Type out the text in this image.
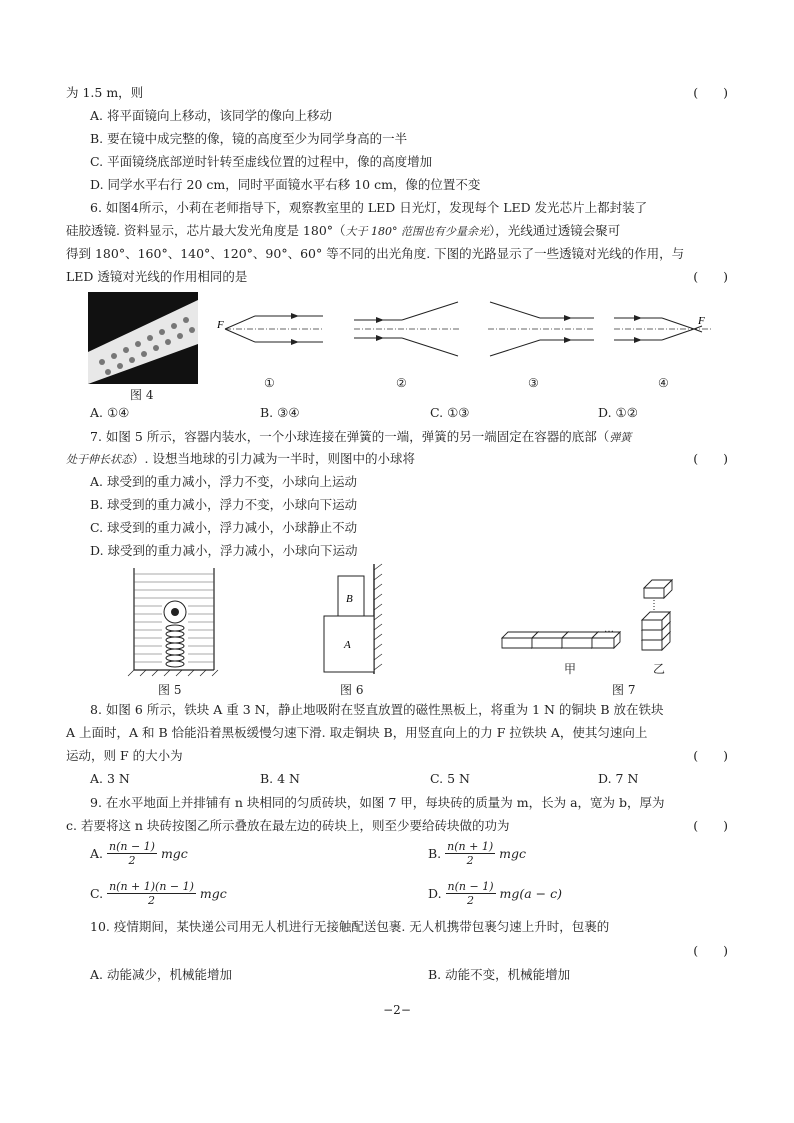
为 1.5 m，则	(　　)
A. 将平面镜向上移动，该同学的像向上移动
B. 要在镜中成完整的像，镜的高度至少为同学身高的一半
C. 平面镜绕底部逆时针转至虚线位置的过程中，像的高度增加
D. 同学水平右行 20 cm，同时平面镜水平右移 10 cm，像的位置不变
6. 如图4所示，小莉在老师指导下，观察教室里的 LED 日光灯，发现每个 LED 发光芯片上都封装了
硅胶透镜. 资料显示，芯片最大发光角度是 180°（大于 180° 范围也有少量余光），光线通过透镜会聚可
得到 180°、160°、140°、120°、90°、60° 等不同的出光角度. 下图的光路显示了一些透镜对光线的作用，与
LED 透镜对光线的作用相同的是	(　　)
图 4
F
①	②	③
F
④
A. ①④	B. ③④	C. ①③	D. ①②
7. 如图 5 所示，容器内装水，一个小球连接在弹簧的一端，弹簧的另一端固定在容器的底部（弹簧
处于伸长状态）. 设想当地球的引力减为一半时，则图中的小球将	(　　)
A. 球受到的重力减小，浮力不变，小球向上运动
B. 球受到的重力减小，浮力不变，小球向下运动
C. 球受到的重力减小，浮力减小，小球静止不动
D. 球受到的重力减小，浮力减小，小球向下运动
图 5
B
A
图 6
…
甲	乙
图 7
8. 如图 6 所示，铁块 A 重 3 N，静止地吸附在竖直放置的磁性黑板上，将重为 1 N 的铜块 B 放在铁块
A 上面时，A 和 B 恰能沿着黑板缓慢匀速下滑. 取走铜块 B，用竖直向上的力 F 拉铁块 A，使其匀速向上
运动，则 F 的大小为	(　　)
A. 3 N	B. 4 N	C. 5 N	D. 7 N
9. 在水平地面上并排铺有 n 块相同的匀质砖块，如图 7 甲，每块砖的质量为 m，长为 a，宽为 b，厚为
c. 若要将这 n 块砖按图乙所示叠放在最左边的砖块上，则至少要给砖块做的功为	(　　)
A. $\frac{n(n - 1)}{2}$ mgc	B. $\frac{n(n + 1)}{2}$ mgc
C. $\frac{n(n + 1)(n - 1)}{2}$ mgc	D. $\frac{n(n - 1)}{2} mg(a - c)$
10. 疫情期间，某快递公司用无人机进行无接触配送包裹. 无人机携带包裹匀速上升时，包裹的
(　　)
A. 动能减少，机械能增加	B. 动能不变，机械能增加
−2−
